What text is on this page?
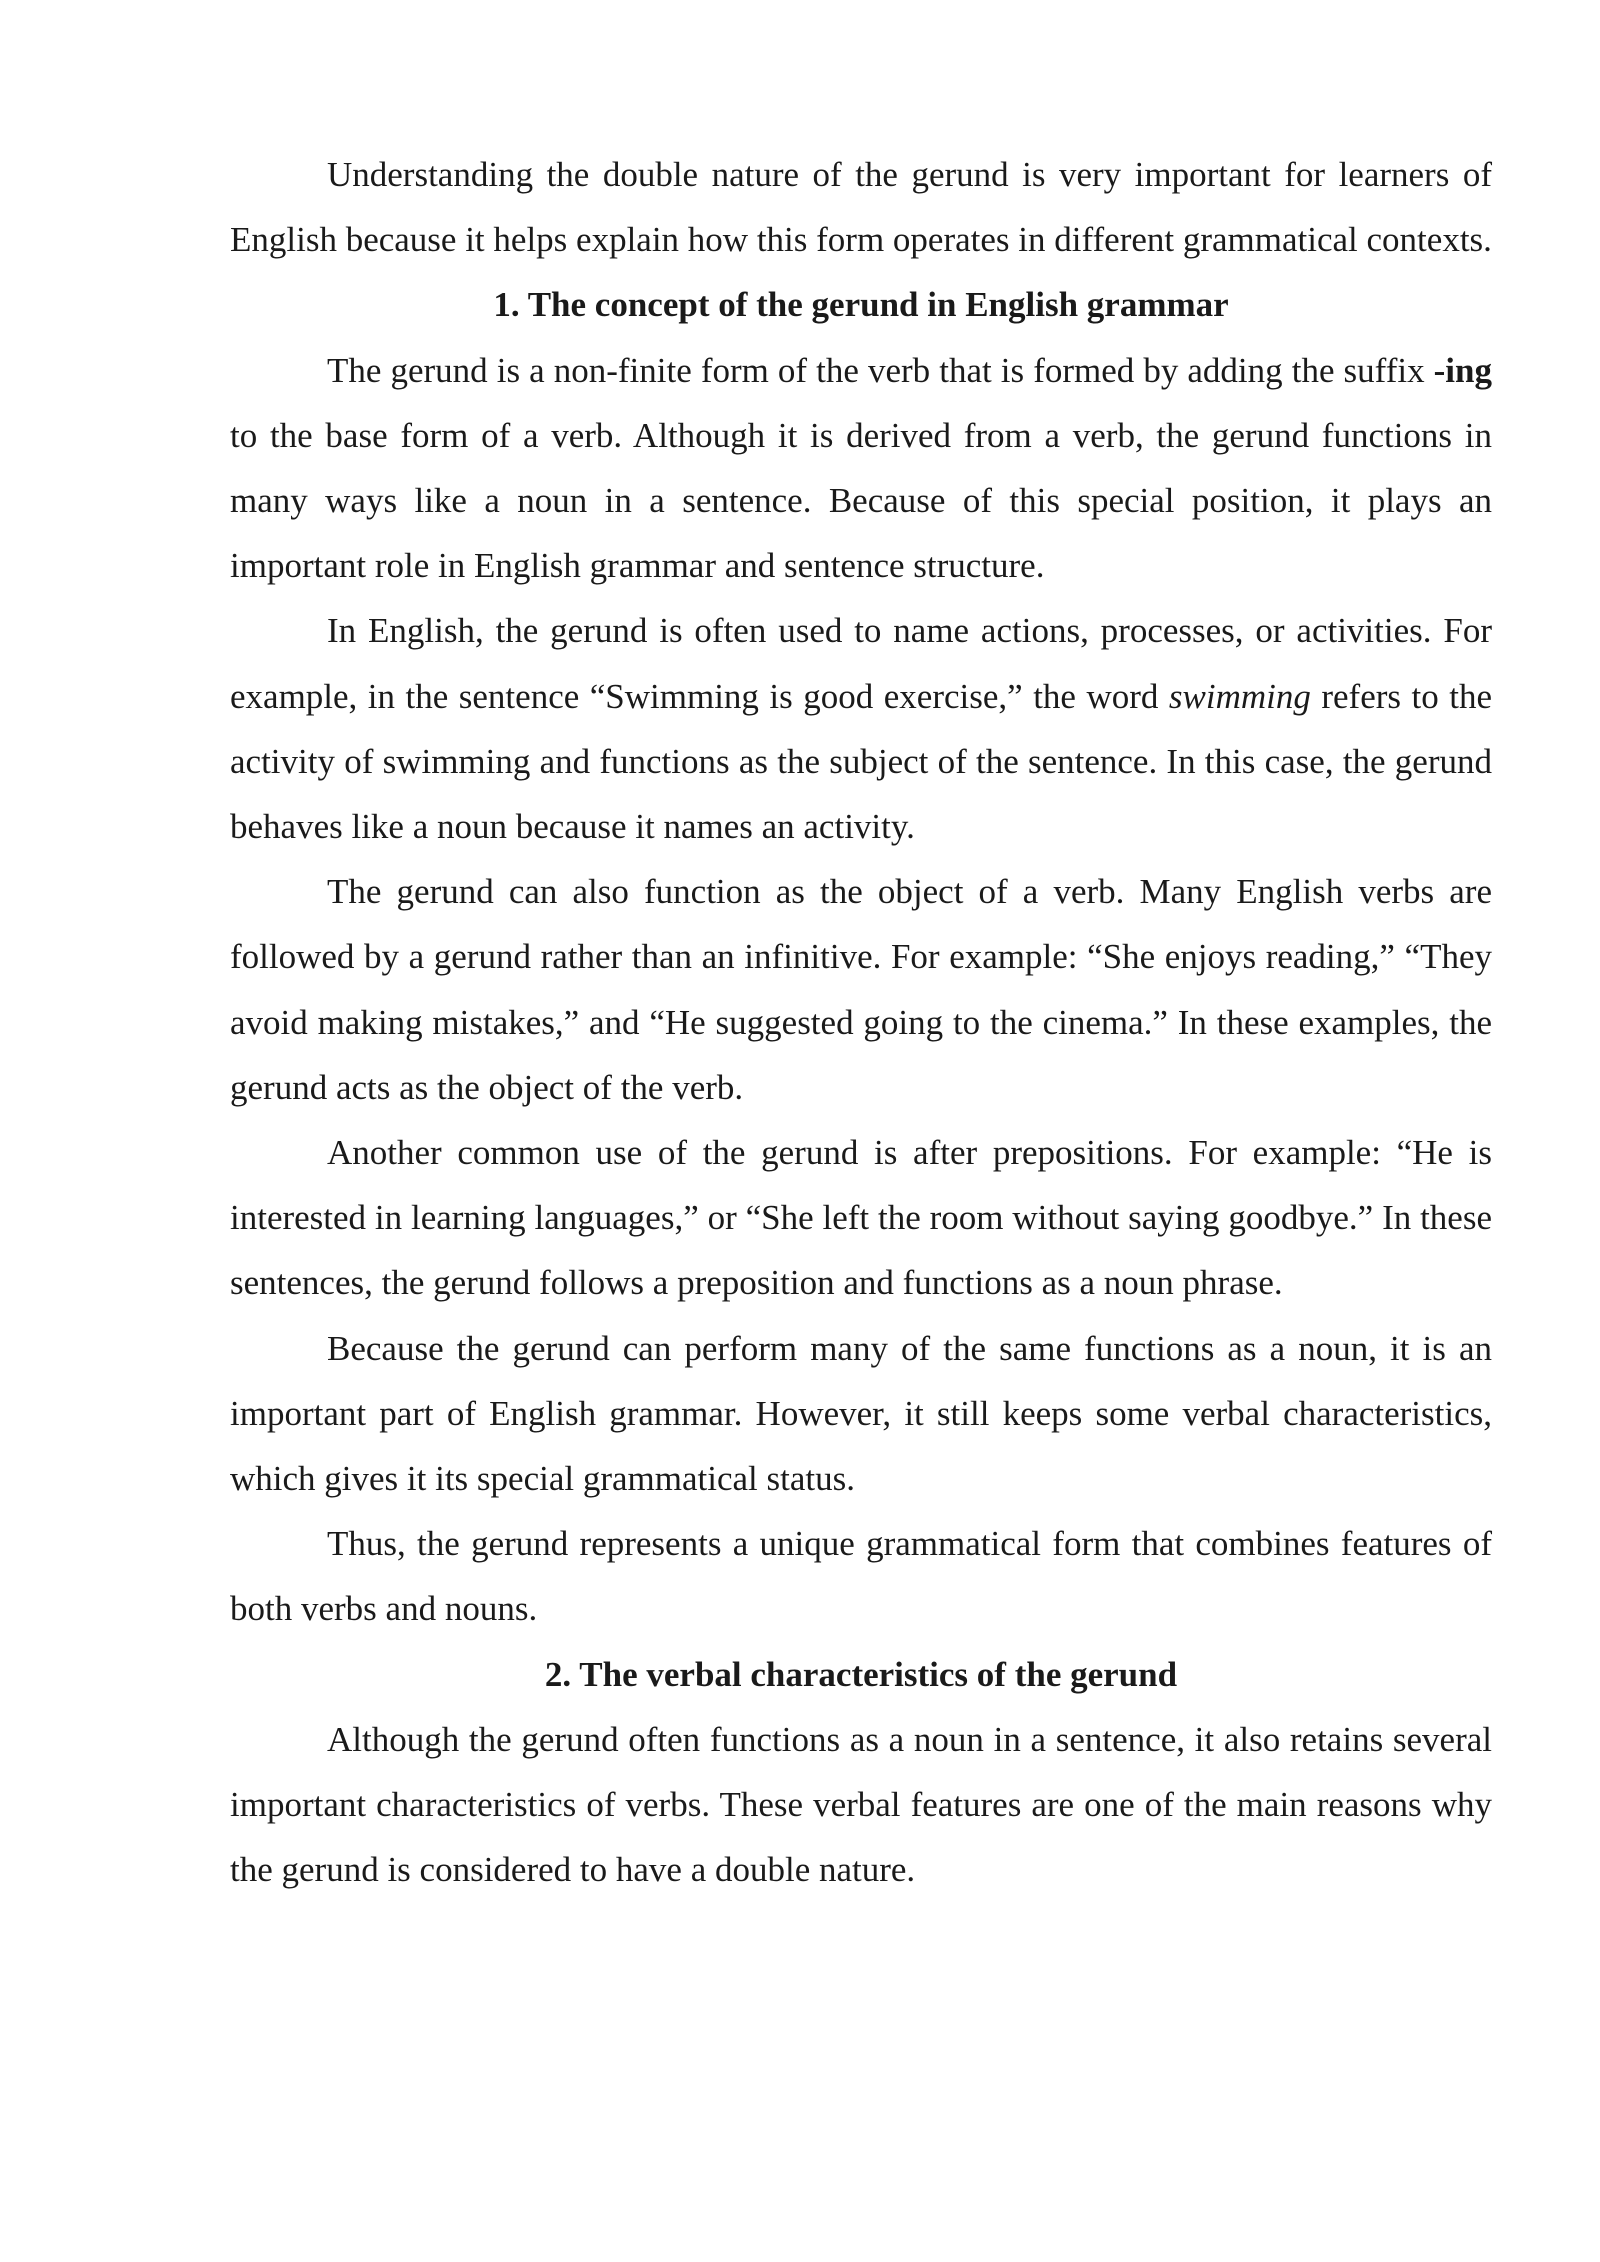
Understanding the double nature of the gerund is very important for learners of English because it helps explain how this form operates in different grammatical contexts.

1. The concept of the gerund in English grammar

The gerund is a non-finite form of the verb that is formed by adding the suffix -ing to the base form of a verb. Although it is derived from a verb, the gerund functions in many ways like a noun in a sentence. Because of this special position, it plays an important role in English grammar and sentence structure.

In English, the gerund is often used to name actions, processes, or activities. For example, in the sentence “Swimming is good exercise,” the word swimming refers to the activity of swimming and functions as the subject of the sentence. In this case, the gerund behaves like a noun because it names an activity.

The gerund can also function as the object of a verb. Many English verbs are followed by a gerund rather than an infinitive. For example: “She enjoys reading,” “They avoid making mistakes,” and “He suggested going to the cinema.” In these examples, the gerund acts as the object of the verb.

Another common use of the gerund is after prepositions. For example: “He is interested in learning languages,” or “She left the room without saying goodbye.” In these sentences, the gerund follows a preposition and functions as a noun phrase.

Because the gerund can perform many of the same functions as a noun, it is an important part of English grammar. However, it still keeps some verbal characteristics, which gives it its special grammatical status.

Thus, the gerund represents a unique grammatical form that combines features of both verbs and nouns.

2. The verbal characteristics of the gerund

Although the gerund often functions as a noun in a sentence, it also retains several important characteristics of verbs. These verbal features are one of the main reasons why the gerund is considered to have a double nature.
